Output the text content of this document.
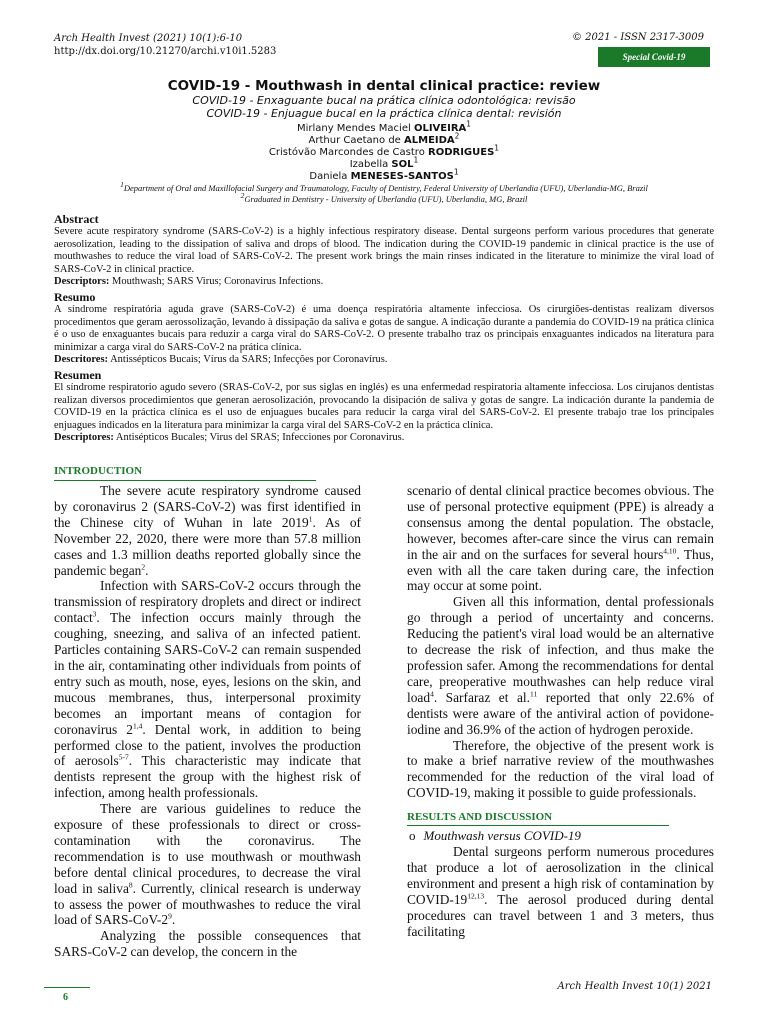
Arch Health Invest (2021) 10(1):6-10
http://dx.doi.org/10.21270/archi.v10i1.5283
© 2021 - ISSN 2317-3009
Special Covid-19
COVID-19 - Mouthwash in dental clinical practice: review
COVID-19 - Enxaguante bucal na prática clínica odontológica: revisão
COVID-19 - Enjuague bucal en la práctica clínica dental: revisión
Mirlany Mendes Maciel OLIVEIRA$^1$
Arthur Caetano de ALMEIDA$^2$
Cristóvão Marcondes de Castro RODRIGUES$^1$
Izabella SOL$^1$
Daniela MENESES-SANTOS$^1$
$^1$Department of Oral and Maxillofacial Surgery and Traumatology, Faculty of Dentistry, Federal University of Uberlandia (UFU), Uberlandia-MG, Brazil
$^2$Graduated in Dentistry - University of Uberlandia (UFU), Uberlandia, MG, Brazil
Abstract

Severe acute respiratory syndrome (SARS-CoV-2) is a highly infectious respiratory disease. Dental surgeons perform various procedures that generate aerosolization, leading to the dissipation of saliva and drops of blood. The indication during the COVID-19 pandemic in clinical practice is the use of mouthwashes to reduce the viral load of SARS-CoV-2. The present work brings the main rinses indicated in the literature to minimize the viral load of SARS-CoV-2 in clinical practice.

Descriptors: Mouthwash; SARS Virus; Coronavirus Infections.

Resumo

A síndrome respiratória aguda grave (SARS-CoV-2) é uma doença respiratória altamente infecciosa. Os cirurgiões-dentistas realizam diversos procedimentos que geram aerossolização, levando à dissipação da saliva e gotas de sangue. A indicação durante a pandemia do COVID-19 na prática clínica é o uso de enxaguantes bucais para reduzir a carga viral do SARS-CoV-2. O presente trabalho traz os principais enxaguantes indicados na literatura para minimizar a carga viral do SARS-CoV-2 na prática clínica.

Descritores: Antissépticos Bucais; Vírus da SARS; Infecções por Coronavírus.

Resumen

El síndrome respiratorio agudo severo (SRAS-CoV-2, por sus siglas en inglés) es una enfermedad respiratoria altamente infecciosa. Los cirujanos dentistas realizan diversos procedimientos que generan aerosolización, provocando la disipación de saliva y gotas de sangre. La indicación durante la pandemia de COVID-19 en la práctica clínica es el uso de enjuagues bucales para reducir la carga viral del SARS-CoV-2. El presente trabajo trae los principales enjuagues indicados en la literatura para minimizar la carga viral del SARS-CoV-2 en la práctica clínica.

Descriptores: Antisépticos Bucales; Virus del SRAS; Infecciones por Coronavirus.

INTRODUCTION

The severe acute respiratory syndrome caused by coronavirus 2 (SARS-CoV-2) was first identified in the Chinese city of Wuhan in late 2019$^1$. As of November 22, 2020, there were more than 57.8 million cases and 1.3 million deaths reported globally since the pandemic began$^2$.

Infection with SARS-CoV-2 occurs through the transmission of respiratory droplets and direct or indirect contact$^3$. The infection occurs mainly through the coughing, sneezing, and saliva of an infected patient. Particles containing SARS-CoV-2 can remain suspended in the air, contaminating other individuals from points of entry such as mouth, nose, eyes, lesions on the skin, and mucous membranes, thus, interpersonal proximity becomes an important means of contagion for coronavirus 2$^{1,4}$. Dental work, in addition to being performed close to the patient, involves the production of aerosols$^{5-7}$. This characteristic may indicate that dentists represent the group with the highest risk of infection, among health professionals.

There are various guidelines to reduce the exposure of these professionals to direct or cross-contamination with the coronavirus. The recommendation is to use mouthwash or mouthwash before dental clinical procedures, to decrease the viral load in saliva$^8$. Currently, clinical research is underway to assess the power of mouthwashes to reduce the viral load of SARS-$CoV-2^9$.

Analyzing the possible consequences that SARS-CoV-2 can develop, the concern in the

scenario of dental clinical practice becomes obvious. The use of personal protective equipment (PPE) is already a consensus among the dental population. The obstacle, however, becomes after-care since the virus can remain in the air and on the surfaces for several hours$^{4,10}$. Thus, even with all the care taken during care, the infection may occur at some point.

Given all this information, dental professionals go through a period of uncertainty and concerns. Reducing the patient's viral load would be an alternative to decrease the risk of infection, and thus make the profession safer. Among the recommendations for dental care, preoperative mouthwashes can help reduce viral load$^4$. Sarfaraz et al.$^{11}$ reported that only 22.6% of dentists were aware of the antiviral action of povidone-iodine and 36.9% of the action of hydrogen peroxide.

Therefore, the objective of the present work is to make a brief narrative review of the mouthwashes recommended for the reduction of the viral load of COVID-19, making it possible to guide professionals.

RESULTS AND DISCUSSION
o Mouthwash versus COVID-19

Dental surgeons perform numerous procedures that produce a lot of aerosolization in the clinical environment and present a high risk of contamination by COVID-19$^{12,13}$. The aerosol produced during dental procedures can travel between 1 and 3 meters, thus facilitating

6
Arch Health Invest 10(1) 2021
